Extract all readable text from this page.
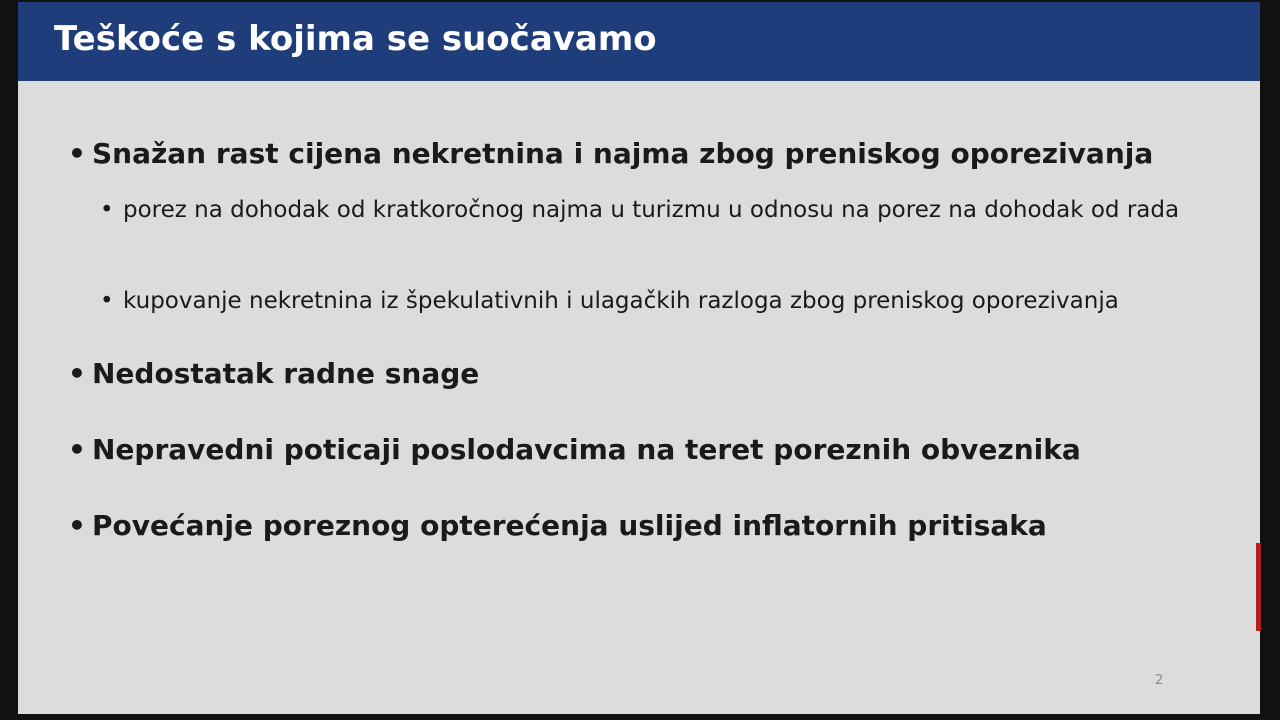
Teškoće s kojima se suočavamo
• Snažan rast cijena nekretnina i najma zbog preniskog oporezivanja
• porez na dohodak od kratkoročnog najma u turizmu u odnosu na porez na dohodak od rada
• kupovanje nekretnina iz špekulativnih i ulagačkih razloga zbog preniskog oporezivanja
• Nedostatak radne snage
• Nepravedni poticaji poslodavcima na teret poreznih obveznika
• Povećanje poreznog opterećenja uslijed inflatornih pritisaka
2
